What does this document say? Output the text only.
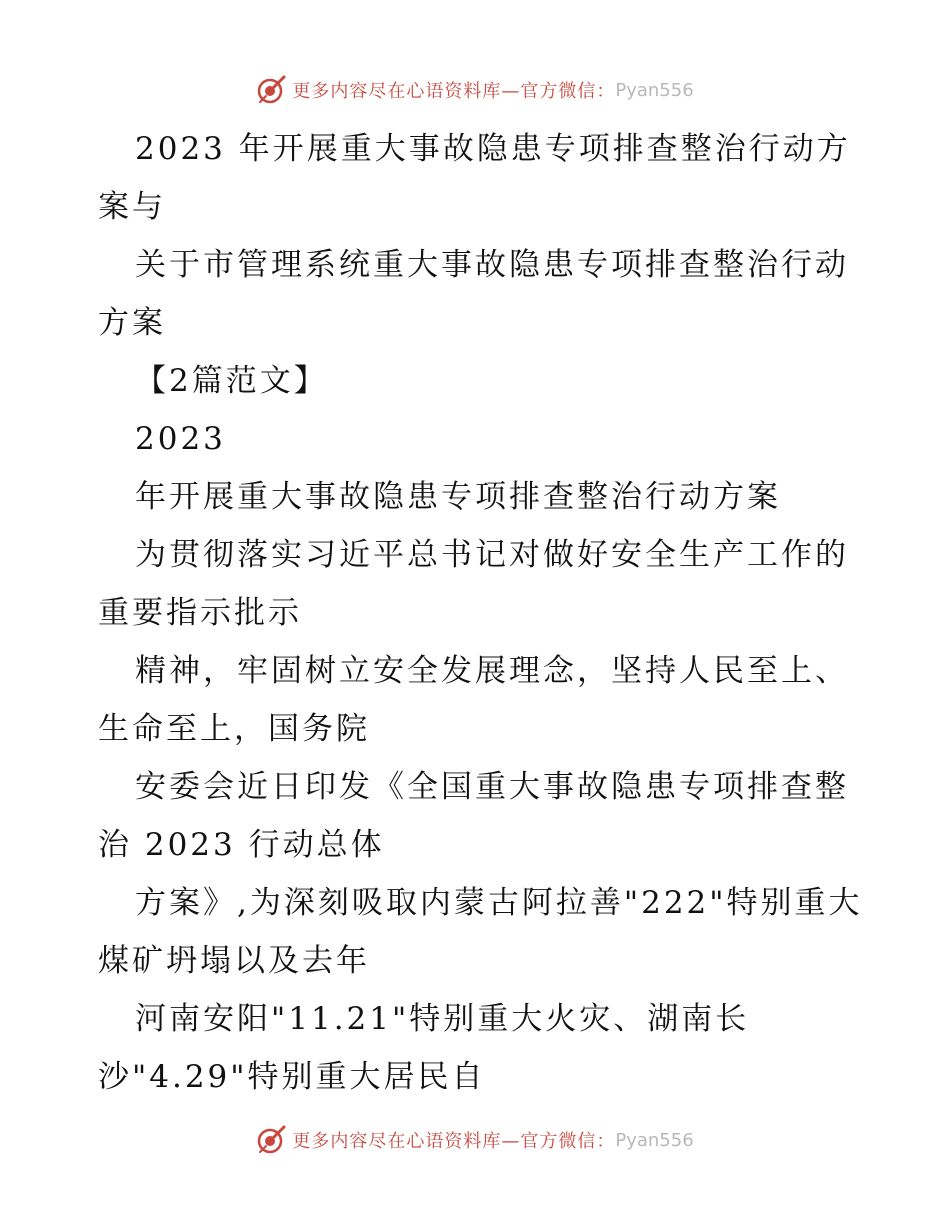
更多内容尽在心语资料库—官方微信： Pyan556
2023 年开展重大事故隐患专项排查整治行动方
案与
关于市管理系统重大事故隐患专项排查整治行动
方案
【2篇范文】
2023
年开展重大事故隐患专项排查整治行动方案
为贯彻落实习近平总书记对做好安全生产工作的
重要指示批示
精神，牢固树立安全发展理念，坚持人民至上、
生命至上，国务院
安委会近日印发《全国重大事故隐患专项排查整
治 2023 行动总体
方案》,为深刻吸取内蒙古阿拉善"222"特别重大
煤矿坍塌以及去年
河南安阳"11.21"特别重大火灾、湖南长
沙"4.29"特别重大居民自
更多内容尽在心语资料库—官方微信： Pyan556
